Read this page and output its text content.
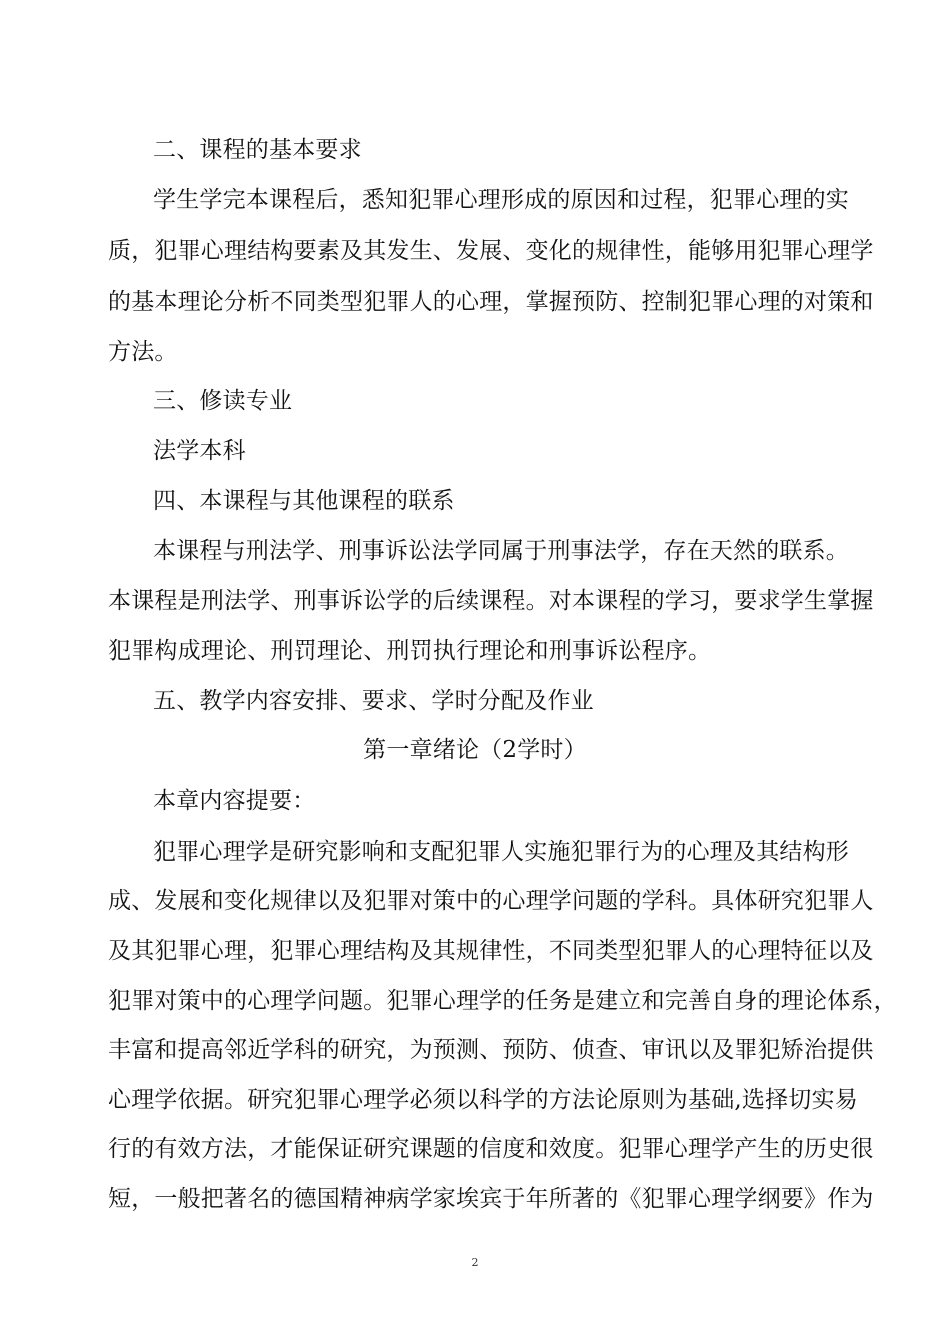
二、课程的基本要求
学生学完本课程后，悉知犯罪心理形成的原因和过程，犯罪心理的实
质，犯罪心理结构要素及其发生、发展、变化的规律性，能够用犯罪心理学
的基本理论分析不同类型犯罪人的心理，掌握预防、控制犯罪心理的对策和
方法。
三、修读专业
法学本科
四、本课程与其他课程的联系
本课程与刑法学、刑事诉讼法学同属于刑事法学，存在天然的联系。
本课程是刑法学、刑事诉讼学的后续课程。对本课程的学习，要求学生掌握
犯罪构成理论、刑罚理论、刑罚执行理论和刑事诉讼程序。
五、教学内容安排、要求、学时分配及作业
第一章绪论（2学时）
本章内容提要：
犯罪心理学是研究影响和支配犯罪人实施犯罪行为的心理及其结构形
成、发展和变化规律以及犯罪对策中的心理学问题的学科。具体研究犯罪人
及其犯罪心理，犯罪心理结构及其规律性，不同类型犯罪人的心理特征以及
犯罪对策中的心理学问题。犯罪心理学的任务是建立和完善自身的理论体系，
丰富和提高邻近学科的研究，为预测、预防、侦查、审讯以及罪犯矫治提供
心理学依据。研究犯罪心理学必须以科学的方法论原则为基础,选择切实易
行的有效方法，才能保证研究课题的信度和效度。犯罪心理学产生的历史很
短，一般把著名的德国精神病学家埃宾于年所著的《犯罪心理学纲要》作为
2
